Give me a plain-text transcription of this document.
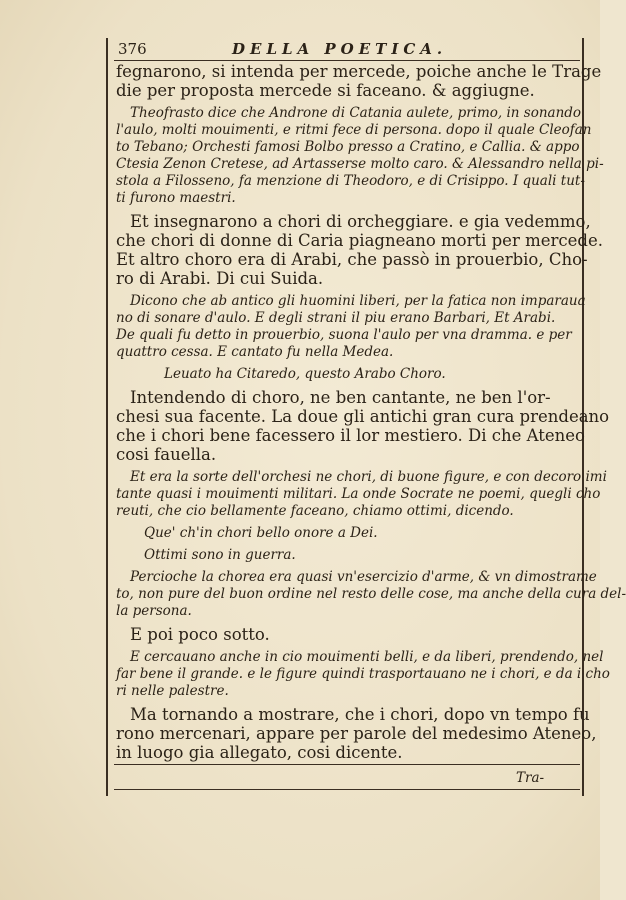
376	DELLA POETICA.
fegnarono, si intenda per mercede, poiche anche le Trage
die per proposta mercede si faceano. & aggiugne.
Theofrasto dice che Androne di Catania aulete, primo, in sonando
l'aulo, molti mouimenti, e ritmi fece di persona. dopo il quale Cleofan
to Tebano; Orchesti famosi Bolbo presso a Cratino, e Callia. & appo
Ctesia Zenon Cretese, ad Artasserse molto caro. & Alessandro nella pi-
stola a Filosseno, fa menzione di Theodoro, e di Crisippo. I quali tut-
ti furono maestri.
Et insegnarono a chori di orcheggiare. e gia vedemmo,
che chori di donne di Caria piagneano morti per mercede.
Et altro choro era di Arabi, che passò in prouerbio, Cho-
ro di Arabi. Di cui Suida.
Dicono che ab antico gli huomini liberi, per la fatica non imparaua
no di sonare d'aulo. E degli strani il piu erano Barbari, Et Arabi.
De quali fu detto in prouerbio, suona l'aulo per vna dramma. e per
quattro cessa. E cantato fu nella Medea.
Leuato ha Citaredo, questo Arabo Choro.
Intendendo di choro, ne ben cantante, ne ben l'or-
chesi sua facente. La doue gli antichi gran cura prendeano
che i chori bene facessero il lor mestiero. Di che Ateneo
cosi fauella.
Et era la sorte dell'orchesi ne chori, di buone figure, e con decoro imi
tante quasi i mouimenti militari. La onde Socrate ne poemi, quegli cho
reuti, che cio bellamente faceano, chiamo ottimi, dicendo.
Que' ch'in chori bello onore a Dei.
Ottimi sono in guerra.
Percioche la chorea era quasi vn'esercizio d'arme, & vn dimostrame
to, non pure del buon ordine nel resto delle cose, ma anche della cura del-
la persona.
E poi poco sotto.
E cercauano anche in cio mouimenti belli, e da liberi, prendendo, nel
far bene il grande. e le figure quindi trasportauano ne i chori, e da i cho
ri nelle palestre.
Ma tornando a mostrare, che i chori, dopo vn tempo fu
rono mercenari, appare per parole del medesimo Ateneo,
in luogo gia allegato, cosi dicente.
Tra-
